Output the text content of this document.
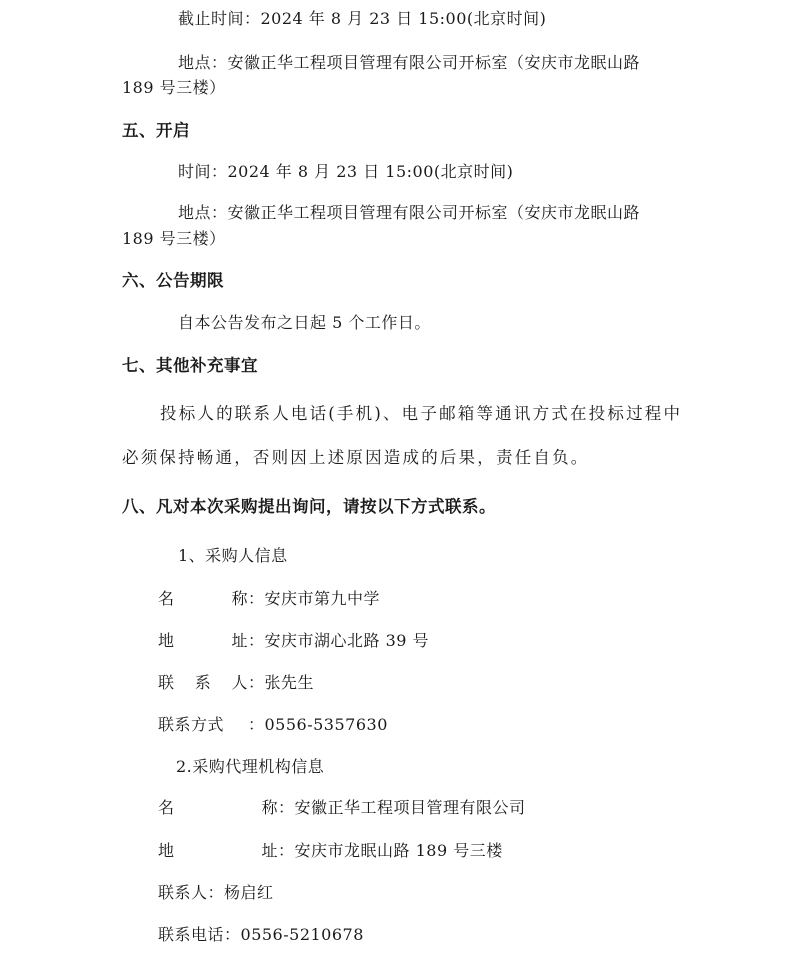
截止时间：2024 年 8 月 23 日 15:00(北京时间)
地点：安徽正华工程项目管理有限公司开标室（安庆市龙眠山路
189 号三楼）
五、开启
时间：2024 年 8 月 23 日 15:00(北京时间)
地点：安徽正华工程项目管理有限公司开标室（安庆市龙眠山路
189 号三楼）
六、公告期限
自本公告发布之日起 5 个工作日。
七、其他补充事宜
投标人的联系人电话(手机)、电子邮箱等通讯方式在投标过程中
必须保持畅通，否则因上述原因造成的后果，责任自负。
八、凡对本次采购提出询问，请按以下方式联系。
1、采购人信息
名	称 ：安庆市第九中学
地	址 ：安庆市湖心北路 39 号
联 系 人 ：张先生
联系方式 ：0556-5357630
2.采购代理机构信息
名	称 ：安徽正华工程项目管理有限公司
地	址 ：安庆市龙眠山路 189 号三楼
联系人：杨启红
联系电话：0556-5210678
